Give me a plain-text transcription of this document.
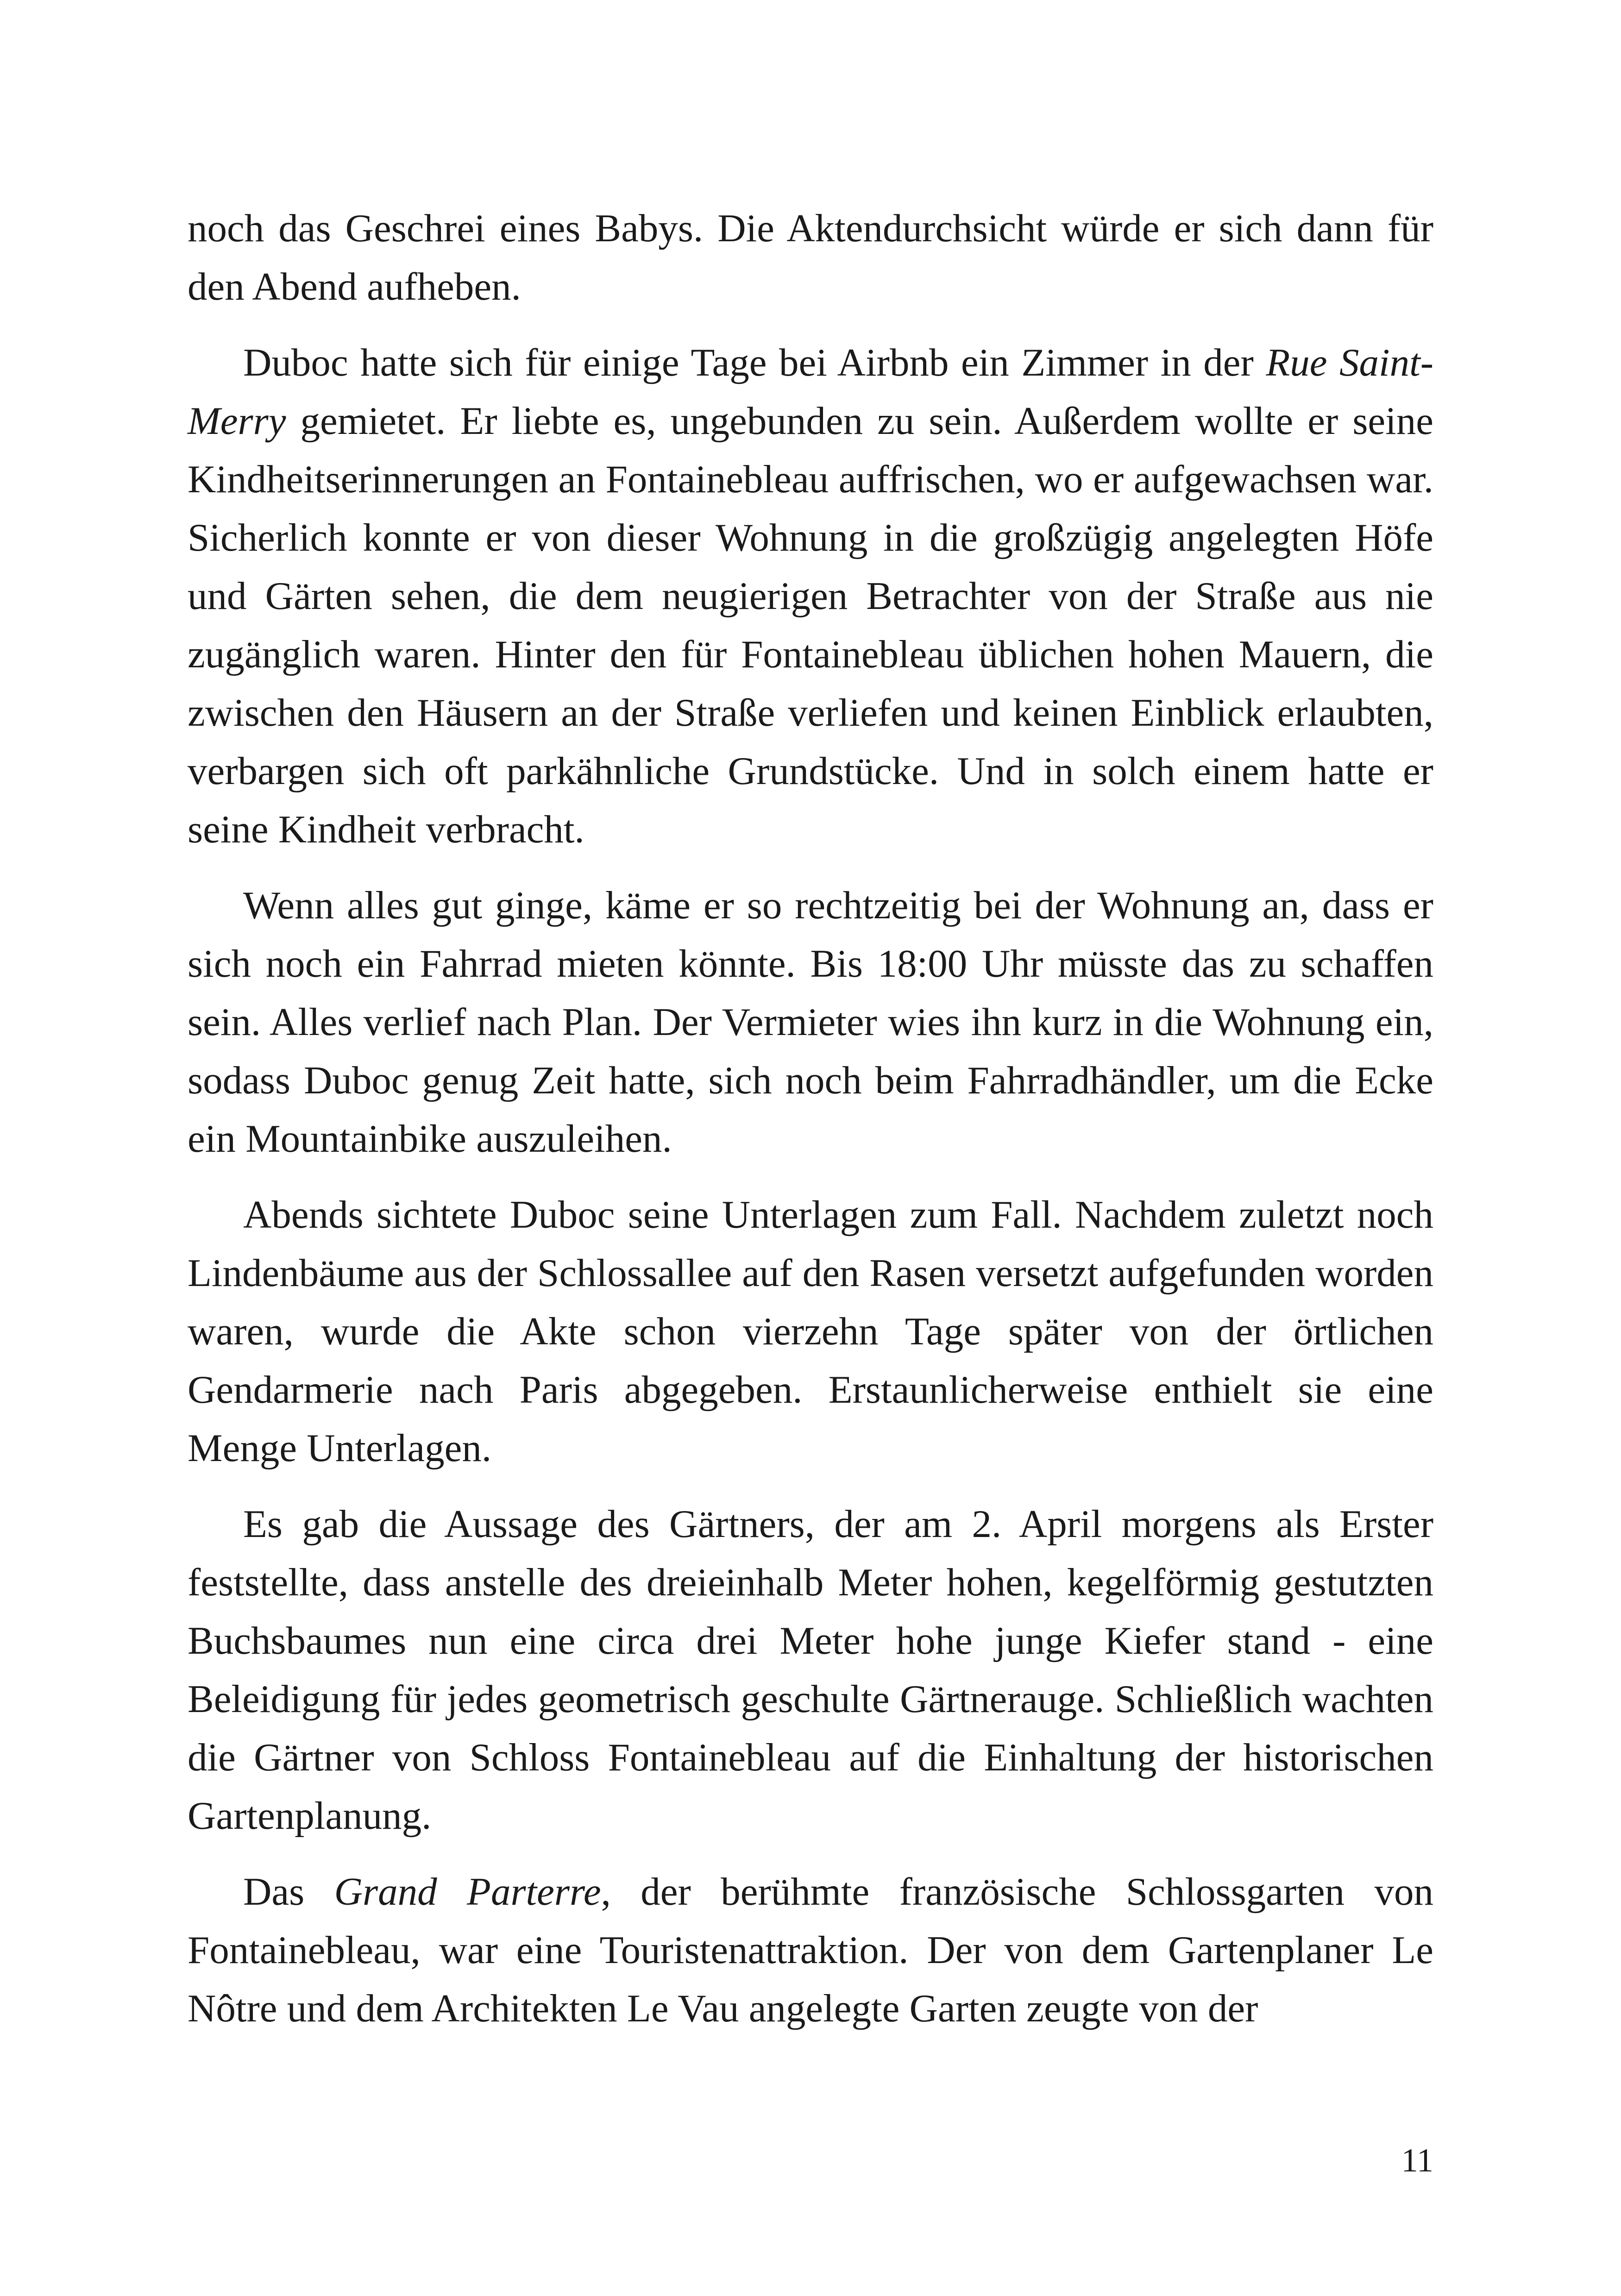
noch das Geschrei eines Babys. Die Aktendurchsicht würde er sich dann für den Abend aufheben.

Duboc hatte sich für einige Tage bei Airbnb ein Zimmer in der Rue Saint-Merry gemietet. Er liebte es, ungebunden zu sein. Außerdem wollte er seine Kindheitserinnerungen an Fontainebleau auffrischen, wo er aufgewachsen war. Sicherlich konnte er von dieser Wohnung in die großzügig angelegten Höfe und Gärten sehen, die dem neugierigen Betrachter von der Straße aus nie zugänglich waren. Hinter den für Fontainebleau üblichen hohen Mauern, die zwischen den Häusern an der Straße verliefen und keinen Einblick erlaubten, verbargen sich oft parkähnliche Grundstücke. Und in solch einem hatte er seine Kindheit verbracht.

Wenn alles gut ginge, käme er so rechtzeitig bei der Wohnung an, dass er sich noch ein Fahrrad mieten könnte. Bis 18:00 Uhr müsste das zu schaffen sein. Alles verlief nach Plan. Der Vermieter wies ihn kurz in die Wohnung ein, sodass Duboc genug Zeit hatte, sich noch beim Fahrradhändler, um die Ecke ein Mountainbike auszuleihen.

Abends sichtete Duboc seine Unterlagen zum Fall. Nachdem zuletzt noch Lindenbäume aus der Schlossallee auf den Rasen versetzt aufgefunden worden waren, wurde die Akte schon vierzehn Tage später von der örtlichen Gendarmerie nach Paris abgegeben. Erstaunlicherweise enthielt sie eine Menge Unterlagen.

Es gab die Aussage des Gärtners, der am 2. April morgens als Erster feststellte, dass anstelle des dreieinhalb Meter hohen, kegelförmig gestutzten Buchsbaumes nun eine circa drei Meter hohe junge Kiefer stand - eine Beleidigung für jedes geometrisch geschulte Gärtnerauge. Schließlich wachten die Gärtner von Schloss Fontainebleau auf die Einhaltung der historischen Gartenplanung.

Das Grand Parterre, der berühmte französische Schlossgarten von Fontainebleau, war eine Touristenattraktion. Der von dem Gartenplaner Le Nôtre und dem Architekten Le Vau angelegte Garten zeugte von der

11
